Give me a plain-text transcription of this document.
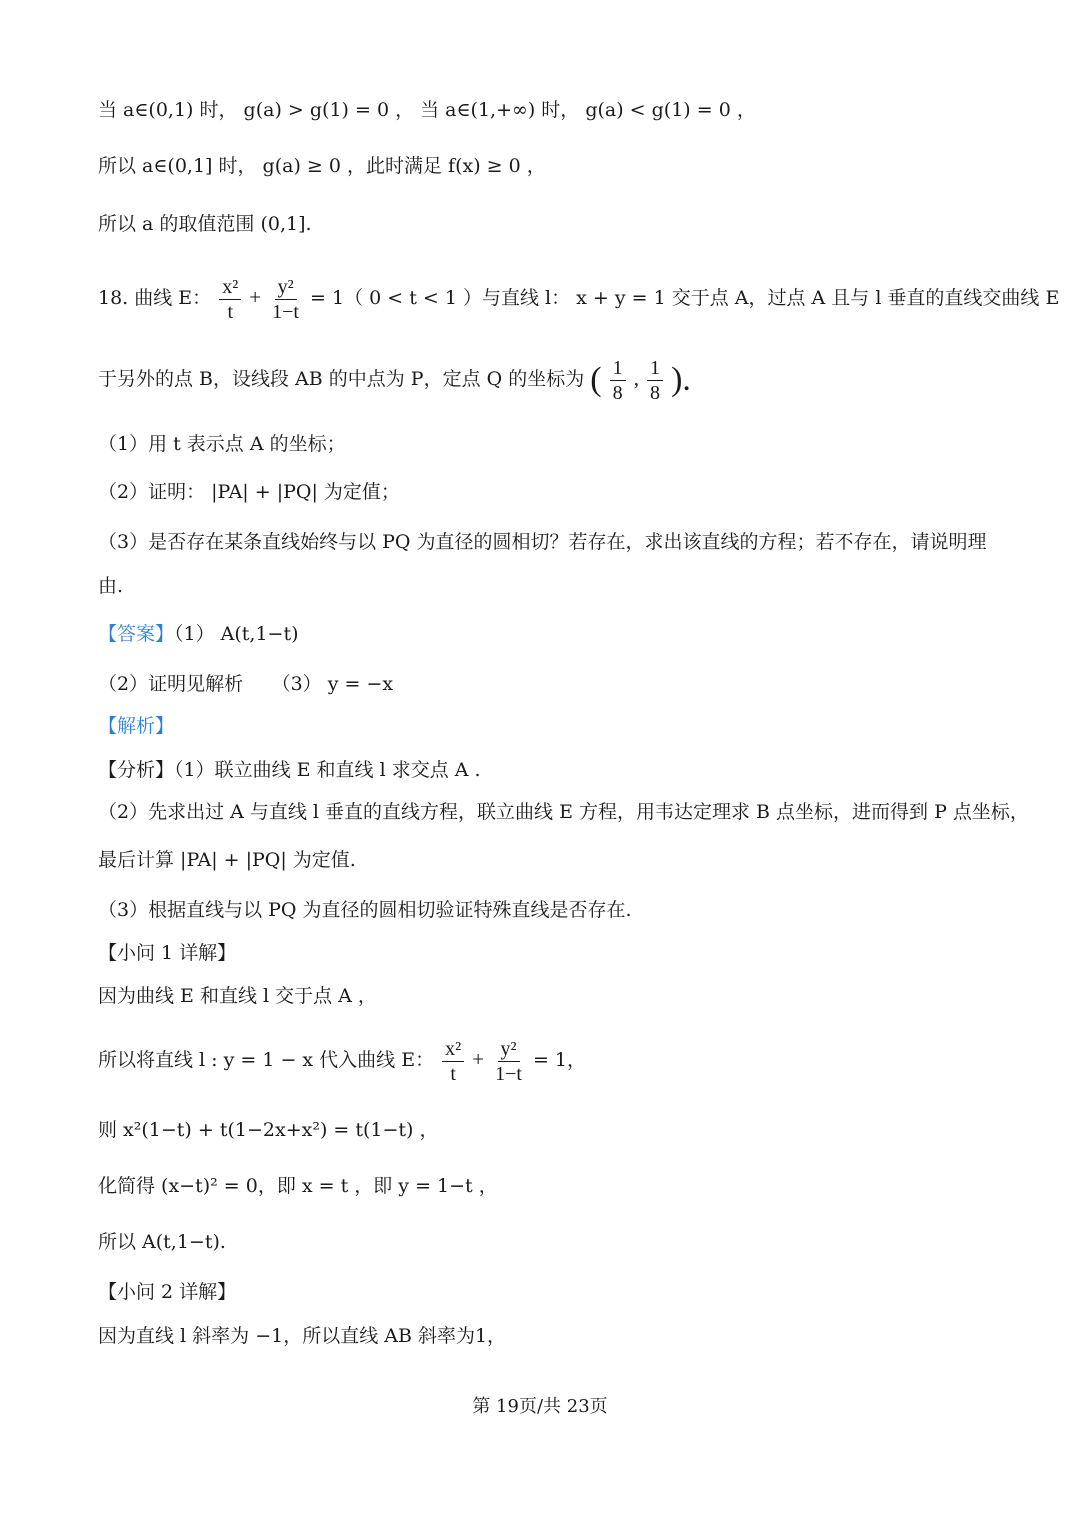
当 a∈(0,1) 时， g(a) > g(1) = 0 ， 当 a∈(1,+∞) 时， g(a) < g(1) = 0 ，
所以 a∈(0,1] 时， g(a) ≥ 0 ，此时满足 f(x) ≥ 0 ，
所以 a 的取值范围 (0,1].
18. 曲线 E： $\frac{\text{x²}}{t} + \frac{\text{y²}}{1-t} = 1$（ 0 < t < 1 ）与直线 l： x + y = 1 交于点 A，过点 A 且与 l 垂直的直线交曲线 E
于另外的点 B，设线段 AB 的中点为 P，定点 Q 的坐标为 ( $\frac{1}{8}$ , $\frac{1}{8}$ ).
（1）用 t 表示点 A 的坐标；
（2）证明： |PA| + |PQ| 为定值；
（3）是否存在某条直线始终与以 PQ 为直径的圆相切？若存在，求出该直线的方程；若不存在，请说明理
由.
【答案】（1） A(t,1−t)
（2）证明见解析　　（3） y = −x
【解析】
【分析】（1）联立曲线 E 和直线 l 求交点 A .
（2）先求出过 A 与直线 l 垂直的直线方程，联立曲线 E 方程，用韦达定理求 B 点坐标，进而得到 P 点坐标，
最后计算 |PA| + |PQ| 为定值.
（3）根据直线与以 PQ 为直径的圆相切验证特殊直线是否存在.
【小问 1 详解】
因为曲线 E 和直线 l 交于点 A ，
所以将直线 l : y = 1 − x 代入曲线 E： $\frac{\text{x²}}{t} + \frac{\text{y²}}{1-t} = 1$，
则 x²(1−t) + t(1−2x+x²) = t(1−t) ，
化简得 (x−t)² = 0，即 x = t ，即 y = 1−t ，
所以 A(t,1−t).
【小问 2 详解】
因为直线 l 斜率为 −1，所以直线 AB 斜率为1，
第 19页/共 23页
